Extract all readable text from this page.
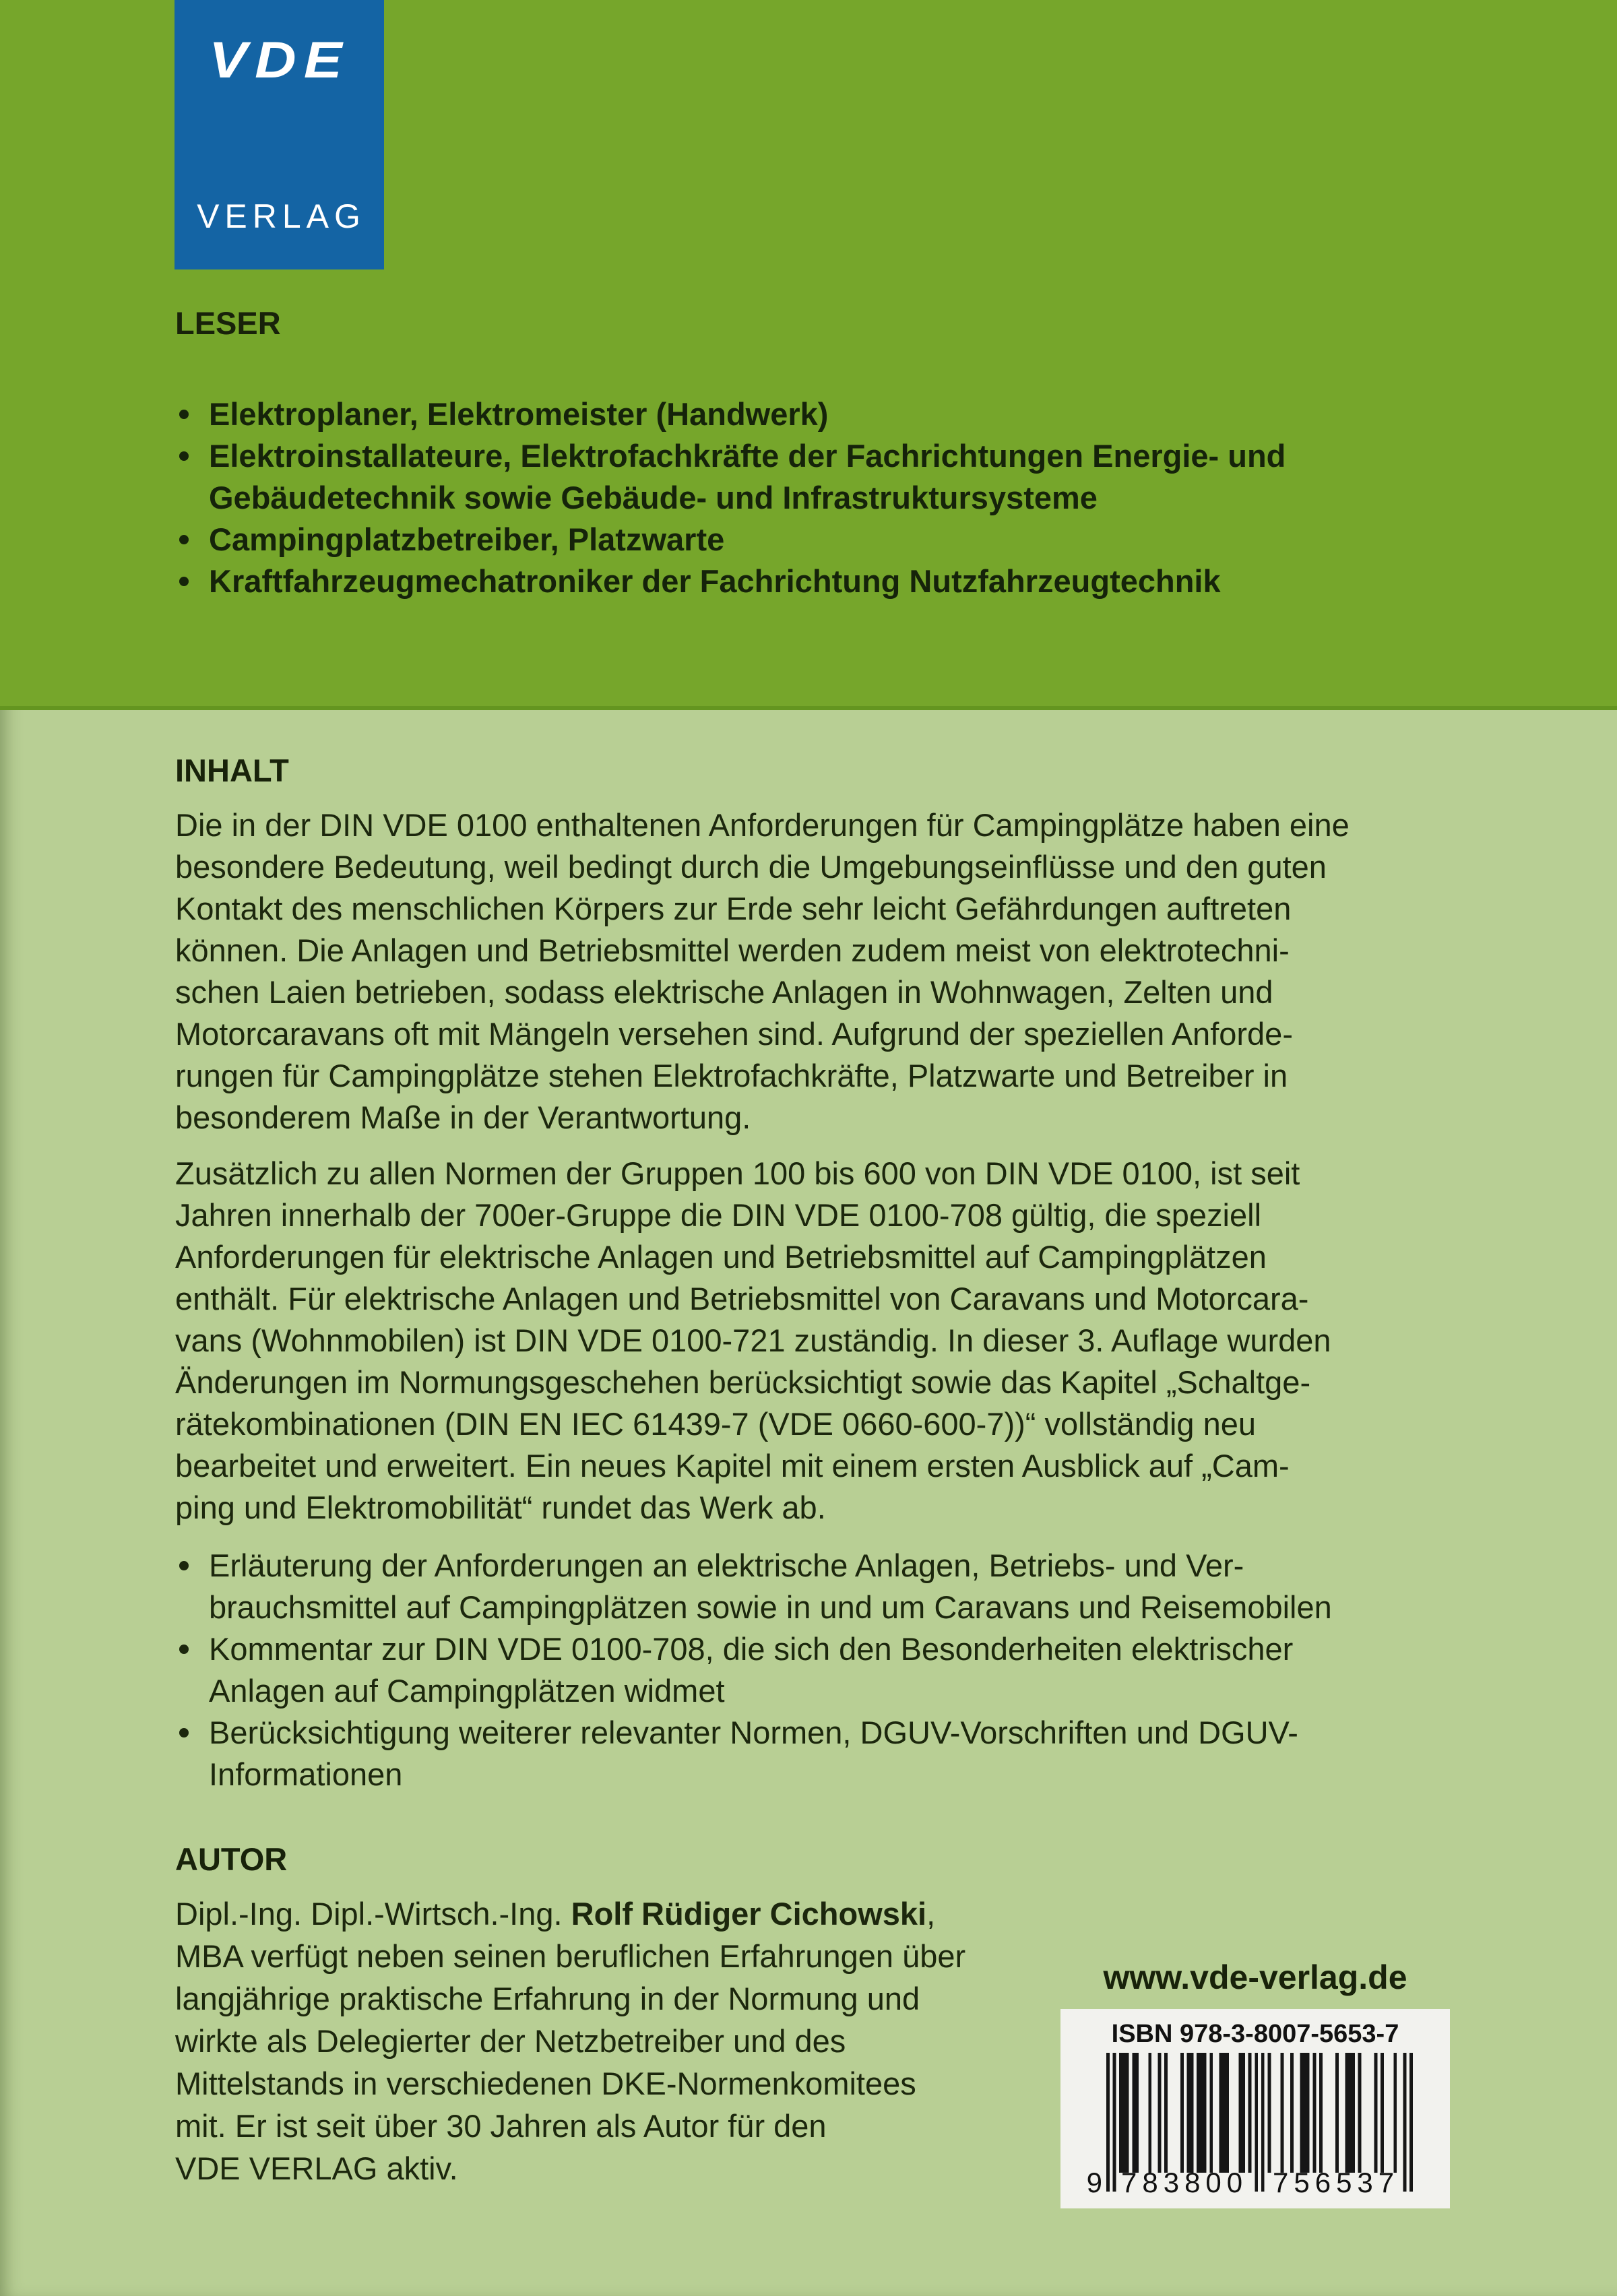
VDE
VERLAG
LESER
Elektroplaner, Elektromeister (Handwerk)
Elektroinstallateure, Elektrofachkräfte der Fachrichtungen Energie- und
Gebäudetechnik sowie Gebäude- und Infrastruktursysteme
Campingplatzbetreiber, Platzwarte
Kraftfahrzeugmechatroniker der Fachrichtung Nutzfahrzeugtechnik
INHALT

Die in der DIN VDE 0100 enthaltenen Anforderungen für Campingplätze haben eine
besondere Bedeutung, weil bedingt durch die Umgebungseinflüsse und den guten
Kontakt des menschlichen Körpers zur Erde sehr leicht Gefährdungen auftreten
können. Die Anlagen und Betriebsmittel werden zudem meist von elektrotechni-
schen Laien betrieben, sodass elektrische Anlagen in Wohnwagen, Zelten und
Motorcaravans oft mit Mängeln versehen sind. Aufgrund der speziellen Anforde-
rungen für Campingplätze stehen Elektrofachkräfte, Platzwarte und Betreiber in
besonderem Maße in der Verantwortung.

Zusätzlich zu allen Normen der Gruppen 100 bis 600 von DIN VDE 0100, ist seit
Jahren innerhalb der 700er-Gruppe die DIN VDE 0100-708 gültig, die speziell
Anforderungen für elektrische Anlagen und Betriebsmittel auf Campingplätzen
enthält. Für elektrische Anlagen und Betriebsmittel von Caravans und Motorcara-
vans (Wohnmobilen) ist DIN VDE 0100-721 zuständig. In dieser 3. Auflage wurden
Änderungen im Normungsgeschehen berücksichtigt sowie das Kapitel „Schaltge-
rätekombinationen (DIN EN IEC 61439-7 (VDE 0660-600-7))“ vollständig neu
bearbeitet und erweitert. Ein neues Kapitel mit einem ersten Ausblick auf „Cam-
ping und Elektromobilität“ rundet das Werk ab.

Erläuterung der Anforderungen an elektrische Anlagen, Betriebs- und Ver-
brauchsmittel auf Campingplätzen sowie in und um Caravans und Reisemobilen
Kommentar zur DIN VDE 0100-708, die sich den Besonderheiten elektrischer
Anlagen auf Campingplätzen widmet
Berücksichtigung weiterer relevanter Normen, DGUV-Vorschriften und DGUV-
Informationen
AUTOR
Dipl.-Ing. Dipl.-Wirtsch.-Ing. Rolf Rüdiger Cichowski,
MBA verfügt neben seinen beruflichen Erfahrungen über
langjährige praktische Erfahrung in der Normung und
wirkte als Delegierter der Netzbetreiber und des
Mittelstands in verschiedenen DKE-Normenkomitees
mit. Er ist seit über 30 Jahren als Autor für den
VDE VERLAG aktiv.
www.vde-verlag.de
ISBN 978-3-8007-5653-7
9 783800 756537
